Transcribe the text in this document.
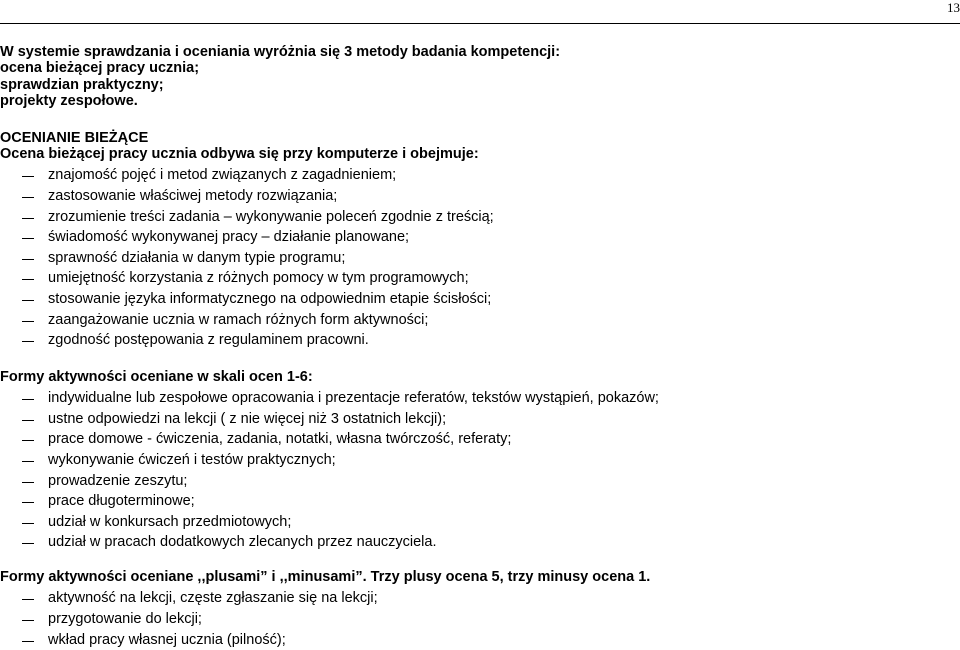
13
W systemie sprawdzania i oceniania wyróżnia się 3 metody badania kompetencji:
ocena bieżącej pracy ucznia;
sprawdzian praktyczny;
projekty zespołowe.
OCENIANIE BIEŻĄCE
Ocena bieżącej pracy ucznia odbywa się przy komputerze i obejmuje:
znajomość pojęć i metod związanych z zagadnieniem;
zastosowanie właściwej metody rozwiązania;
zrozumienie treści zadania – wykonywanie poleceń zgodnie z treścią;
świadomość wykonywanej pracy – działanie planowane;
sprawność działania w danym typie programu;
umiejętność korzystania z różnych pomocy w tym programowych;
stosowanie języka informatycznego na odpowiednim etapie ścisłości;
zaangażowanie ucznia w ramach różnych form aktywności;
zgodność postępowania z regulaminem pracowni.
Formy aktywności oceniane w skali ocen 1-6:
indywidualne lub zespołowe opracowania i prezentacje referatów, tekstów wystąpień, pokazów;
ustne odpowiedzi na lekcji ( z nie więcej niż 3 ostatnich lekcji);
prace domowe - ćwiczenia, zadania, notatki, własna twórczość, referaty;
wykonywanie ćwiczeń i testów praktycznych;
prowadzenie zeszytu;
prace długoterminowe;
udział w konkursach przedmiotowych;
udział w pracach dodatkowych zlecanych przez nauczyciela.
Formy aktywności oceniane ,,plusami” i ,,minusami”. Trzy plusy ocena 5, trzy minusy ocena 1.
aktywność na lekcji, częste zgłaszanie się na lekcji;
przygotowanie do lekcji;
wkład pracy własnej ucznia (pilność);
